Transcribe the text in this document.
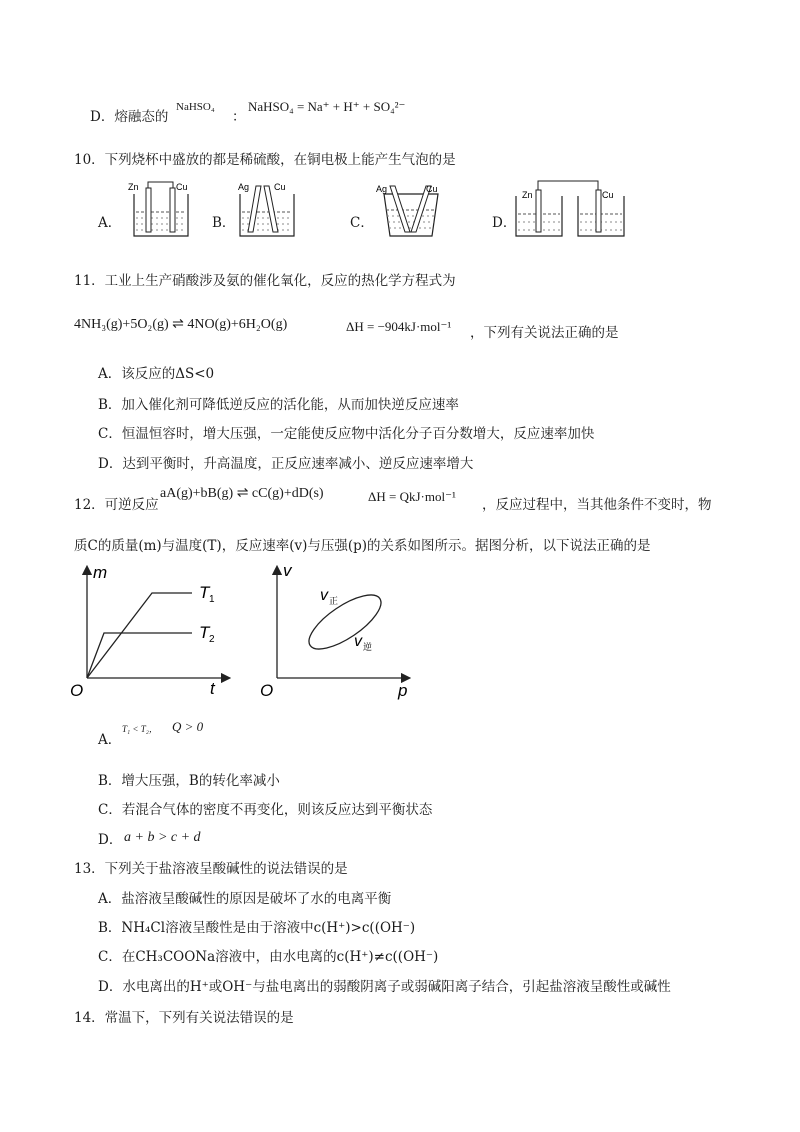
D．熔融态的
NaHSO₄
：
NaHSO₄ = Na⁺ + H⁺ + SO₄²⁻
10．下列烧杯中盛放的都是稀硫酸，在铜电极上能产生气泡的是
A．	B．	C．	D．
Zn	Cu	Ag	Cu	Ag	Cu
Zn	Cu
11．工业上生产硝酸涉及氨的催化氧化，反应的热化学方程式为
4NH₃(g)+5O₂(g) ⇌ 4NO(g)+6H₂O(g)	ΔH = −904kJ·mol⁻¹ ，下列有关说法正确的是
A．该反应的ΔS<0
B．加入催化剂可降低逆反应的活化能，从而加快逆反应速率
C．恒温恒容时，增大压强，一定能使反应物中活化分子百分数增大，反应速率加快
D．达到平衡时，升高温度，正反应速率减小、逆反应速率增大
12．可逆反应
aA(g)+bB(g) ⇌ cC(g)+dD(s)	ΔH = QkJ·mol⁻¹
，反应过程中，当其他条件不变时，物
质C的质量(m)与温度(T)，反应速率(v)与压强(p)的关系如图所示。据图分析，以下说法正确的是
m
t
O
T 1
T 2
v
p
O
v 正
v 逆
A．
T₁ < T₂， Q > 0
B．增大压强，B的转化率减小
C．若混合气体的密度不再变化，则该反应达到平衡状态
D． a + b > c + d
13．下列关于盐溶液呈酸碱性的说法错误的是
A．盐溶液呈酸碱性的原因是破坏了水的电离平衡
B．NH₄Cl溶液呈酸性是由于溶液中c(H⁺)>c((OH⁻)
C．在CH₃COONa溶液中，由水电离的c(H⁺)≠c((OH⁻)
D．水电离出的H⁺或OH⁻与盐电离出的弱酸阴离子或弱碱阳离子结合，引起盐溶液呈酸性或碱性
14．常温下，下列有关说法错误的是
